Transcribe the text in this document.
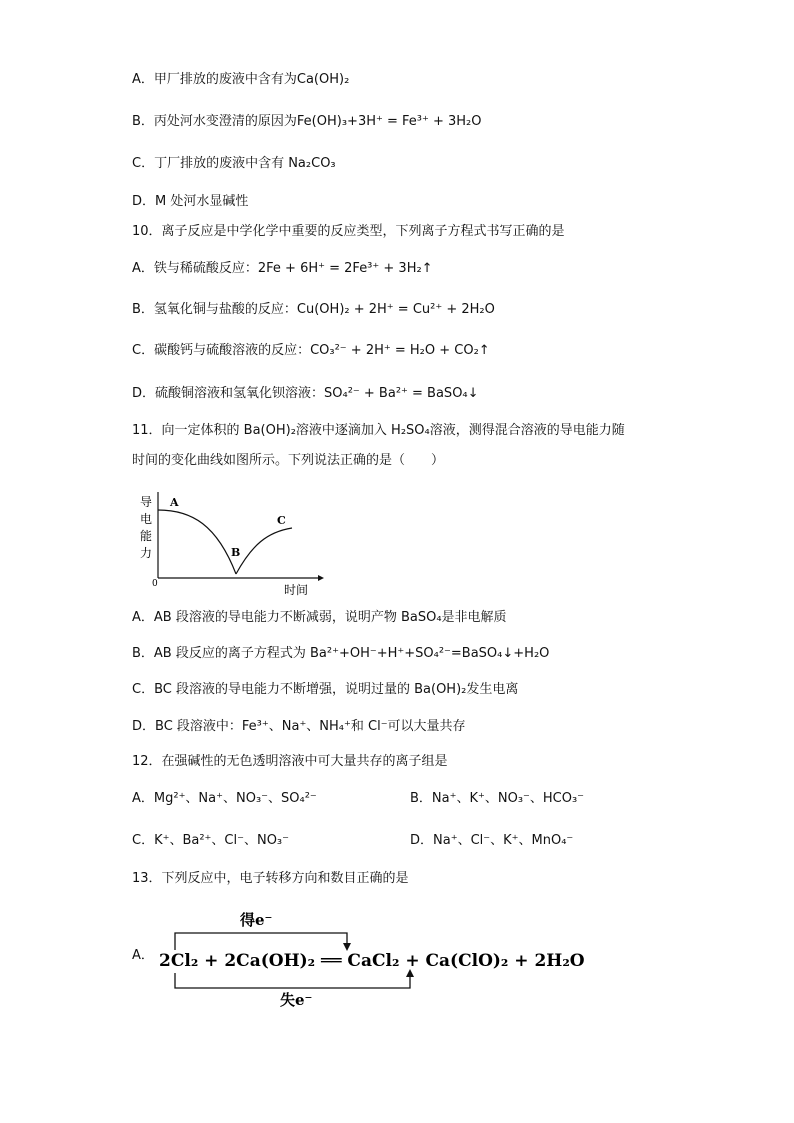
A．甲厂排放的废液中含有为Ca(OH)₂
B．丙处河水变澄清的原因为Fe(OH)₃+3H⁺ = Fe³⁺ + 3H₂O
C．丁厂排放的废液中含有 Na₂CO₃
D．M 处河水显碱性
10．离子反应是中学化学中重要的反应类型，下列离子方程式书写正确的是
A．铁与稀硫酸反应：2Fe + 6H⁺ = 2Fe³⁺ + 3H₂↑
B．氢氧化铜与盐酸的反应：Cu(OH)₂ + 2H⁺ = Cu²⁺ + 2H₂O
C．碳酸钙与硫酸溶液的反应：CO₃²⁻ + 2H⁺ = H₂O + CO₂↑
D．硫酸铜溶液和氢氧化钡溶液：SO₄²⁻ + Ba²⁺ = BaSO₄↓
11．向一定体积的 Ba(OH)₂溶液中逐滴加入 H₂SO₄溶液，测得混合溶液的导电能力随
时间的变化曲线如图所示。下列说法正确的是（　　）
导
电
能
力
0	时间
A
B
C
A．AB 段溶液的导电能力不断减弱，说明产物 BaSO₄是非电解质
B．AB 段反应的离子方程式为 Ba²⁺+OH⁻+H⁺+SO₄²⁻=BaSO₄↓+H₂O
C．BC 段溶液的导电能力不断增强，说明过量的 Ba(OH)₂发生电离
D．BC 段溶液中：Fe³⁺、Na⁺、NH₄⁺和 Cl⁻可以大量共存
12．在强碱性的无色透明溶液中可大量共存的离子组是
A．Mg²⁺、Na⁺、NO₃⁻、SO₄²⁻	B．Na⁺、K⁺、NO₃⁻、HCO₃⁻
C．K⁺、Ba²⁺、Cl⁻、NO₃⁻	D．Na⁺、Cl⁻、K⁺、MnO₄⁻
13．下列反应中，电子转移方向和数目正确的是
A．
得e⁻
失e⁻
2Cl₂ + 2Ca(OH)₂ ══ CaCl₂ + Ca(ClO)₂ + 2H₂O
